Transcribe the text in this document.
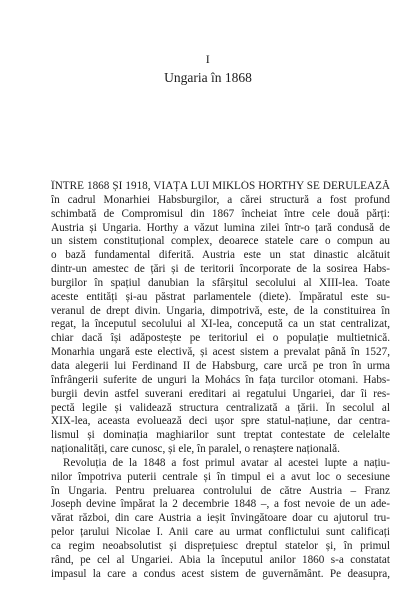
I
Ungaria în 1868
ÎNTRE 1868 ȘI 1918, VIAȚA LUI MIKLÓS HORTHY SE DERULEAZĂ
în cadrul Monarhiei Habsburgilor, a cărei structură a fost profund
schimbată de Compromisul din 1867 încheiat între cele două părți:
Austria și Ungaria. Horthy a văzut lumina zilei într-o țară condusă de
un sistem constituțional complex, deoarece statele care o compun au
o bază fundamental diferită. Austria este un stat dinastic alcătuit
dintr-un amestec de țări și de teritorii încorporate de la sosirea Habs-
burgilor în spațiul danubian la sfârșitul secolului al XIII-lea. Toate
aceste entități și-au păstrat parlamentele (diete). Împăratul este su-
veranul de drept divin. Ungaria, dimpotrivă, este, de la constituirea în
regat, la începutul secolului al XI-lea, concepută ca un stat centralizat,
chiar dacă își adăpostește pe teritoriul ei o populație multietnică.
Monarhia ungară este electivă, și acest sistem a prevalat până în 1527,
data alegerii lui Ferdinand II de Habsburg, care urcă pe tron în urma
înfrângerii suferite de unguri la Mohács în fața turcilor otomani. Habs-
burgii devin astfel suverani ereditari ai regatului Ungariei, dar îi res-
pectă legile și validează structura centralizată a țării. În secolul al
XIX-lea, aceasta evoluează deci ușor spre statul-națiune, dar centra-
lismul și dominația maghiarilor sunt treptat contestate de celelalte
naționalități, care cunosc, și ele, în paralel, o renaștere națională.
Revoluția de la 1848 a fost primul avatar al acestei lupte a națiu-
nilor împotriva puterii centrale și în timpul ei a avut loc o secesiune
în Ungaria. Pentru preluarea controlului de către Austria – Franz
Joseph devine împărat la 2 decembrie 1848 –, a fost nevoie de un ade-
vărat război, din care Austria a ieșit învingătoare doar cu ajutorul tru-
pelor țarului Nicolae I. Anii care au urmat conflictului sunt calificați
ca regim neoabsolutist și disprețuiesc dreptul statelor și, în primul
rând, pe cel al Ungariei. Abia la începutul anilor 1860 s-a constatat
impasul la care a condus acest sistem de guvernământ. Pe deasupra,
